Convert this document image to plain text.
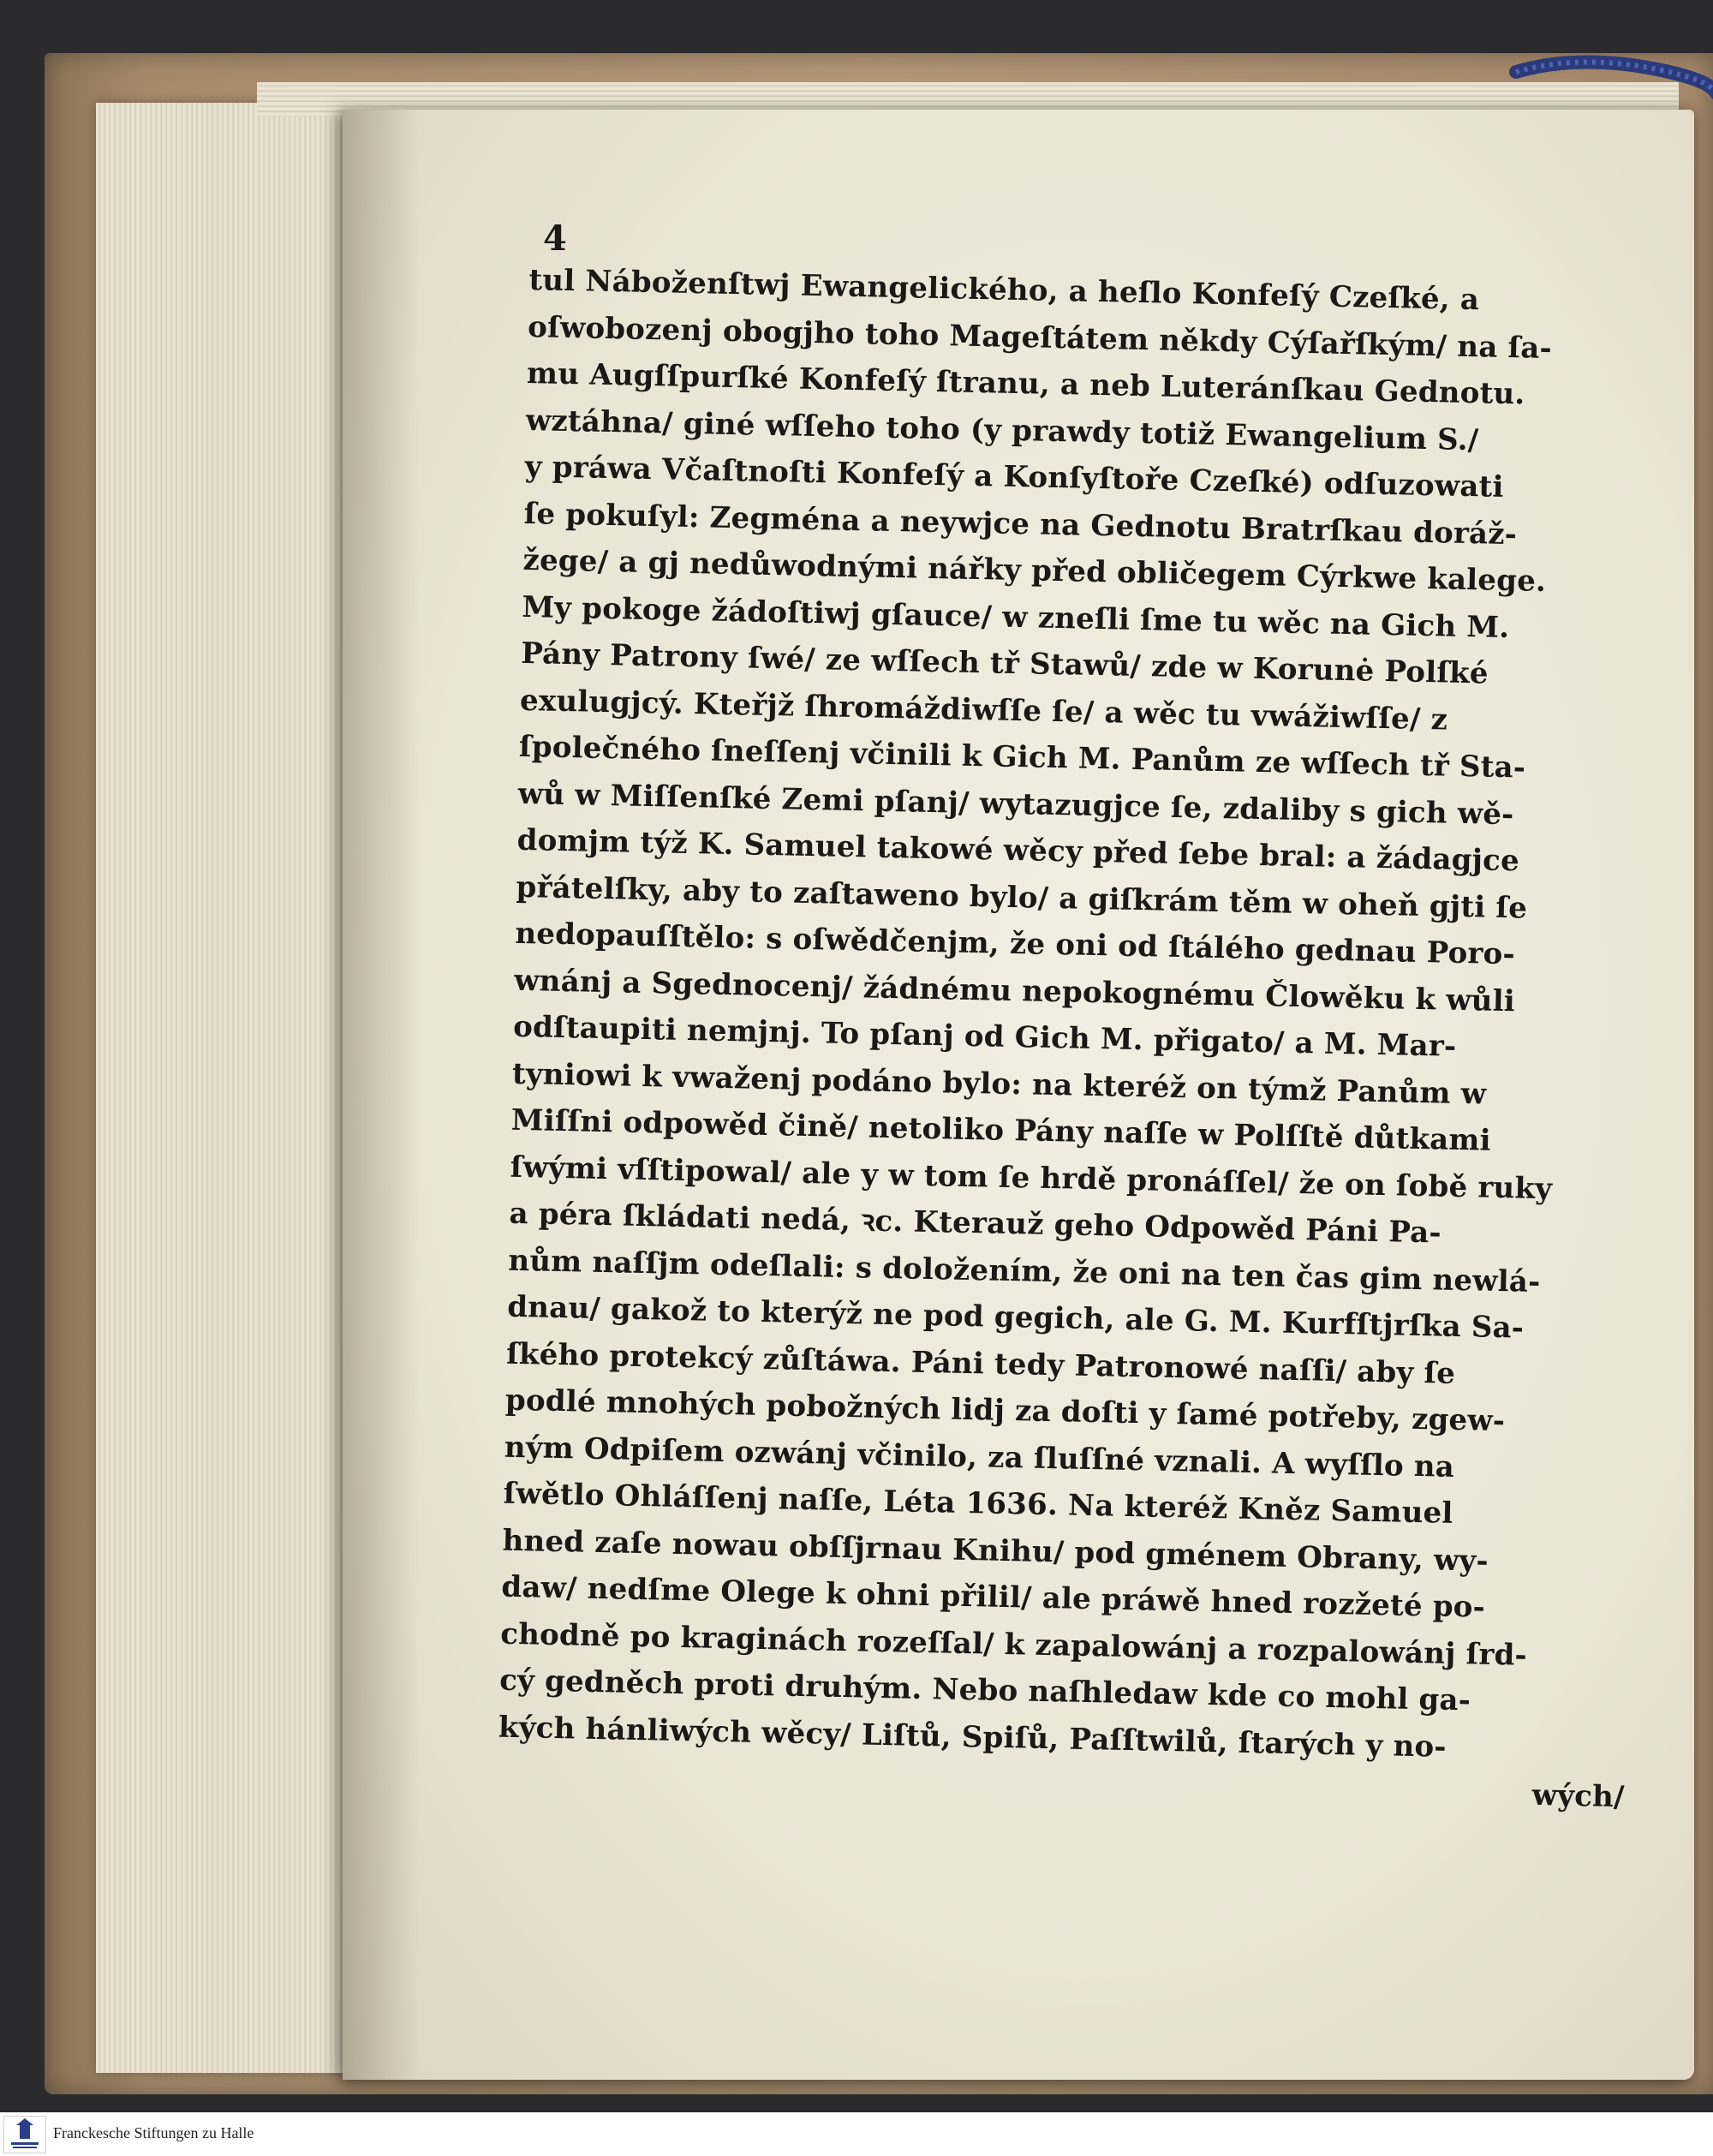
4
tul Náboženſtwj Ewangelického, a heſlo Konfeſý Czeſké, a
oſwobozenj obogjho toho Mageſtátem někdy Cýſařſkým/ na ſa-
mu Augſſpurſké Konfeſý ſtranu, a neb Luteránſkau Gednotu.
wztáhna/ giné wſſeho toho (y prawdy totiž Ewangelium S./
y práwa Včaſtnoſti Konfeſý a Konſyſtoře Czeſké) odſuzowati
ſe pokuſyl: Zegména a neywjce na Gednotu Bratrſkau doráž-
žege/ a gj nedůwodnými nářky před obličegem Cýrkwe kalege.
My pokoge žádoſtiwj gſauce/ w zneſli ſme tu wěc na Gich M.
Pány Patrony ſwé/ ze wſſech tř Stawů/ zde w Korunė Polſké
exulugjcý. Kteřjž ſhromáždiwſſe ſe/ a wěc tu vwážiwſſe/ z
ſpolečného ſneſſenj včinili k Gich M. Panům ze wſſech tř Sta-
wů w Miſſenſké Zemi pſanj/ wytazugjce ſe, zdaliby s gich wě-
domjm týž K. Samuel takowé wěcy před ſebe bral: a žádagjce
přátelſky, aby to zaſtaweno bylo/ a giſkrám těm w oheň gjti ſe
nedopauſſtělo: s oſwědčenjm, že oni od ſtálého gednau Poro-
wnánj a Sgednocenj/ žádnému nepokognému Člowěku k wůli
odſtaupiti nemjnj. To pſanj od Gich M. přigato/ a M. Mar-
tyniowi k vwaženj podáno bylo: na kteréž on týmž Panům w
Miſſni odpowěd čině/ netoliko Pány naſſe w Polſſtě důtkami
ſwými vſſtipowal/ ale y w tom ſe hrdě pronáſſel/ že on ſobě ruky
a péra ſkládati nedá, ꝛc. Kterauž geho Odpowěd Páni Pa-
nům naſſjm odeſlali: s doložením, že oni na ten čas gim newlá-
dnau/ gakož to kterýž ne pod gegich, ale G. M. Kurfſtjrſka Sa-
ſkého protekcý zůſtáwa. Páni tedy Patronowé naſſi/ aby ſe
podlé mnohých pobožných lidj za doſti y ſamé potřeby, zgew-
ným Odpiſem ozwánj včinilo, za ſluſſné vznali. A wyſſlo na
ſwětlo Ohláſſenj naſſe, Léta 1636. Na kteréž Kněz Samuel
hned zaſe nowau obſſjrnau Knihu/ pod gménem Obrany, wy-
daw/ nedſme Olege k ohni přilil/ ale práwě hned rozžeté po-
chodně po kraginách rozeſſal/ k zapalowánj a rozpalowánj ſrd-
cý gedněch proti druhým. Nebo naſhledaw kde co mohl ga-
kých hánliwých wěcy/ Liſtů, Spiſů, Paſſtwilů, ſtarých y no-
wých/
Franckesche Stiftungen zu Halle
